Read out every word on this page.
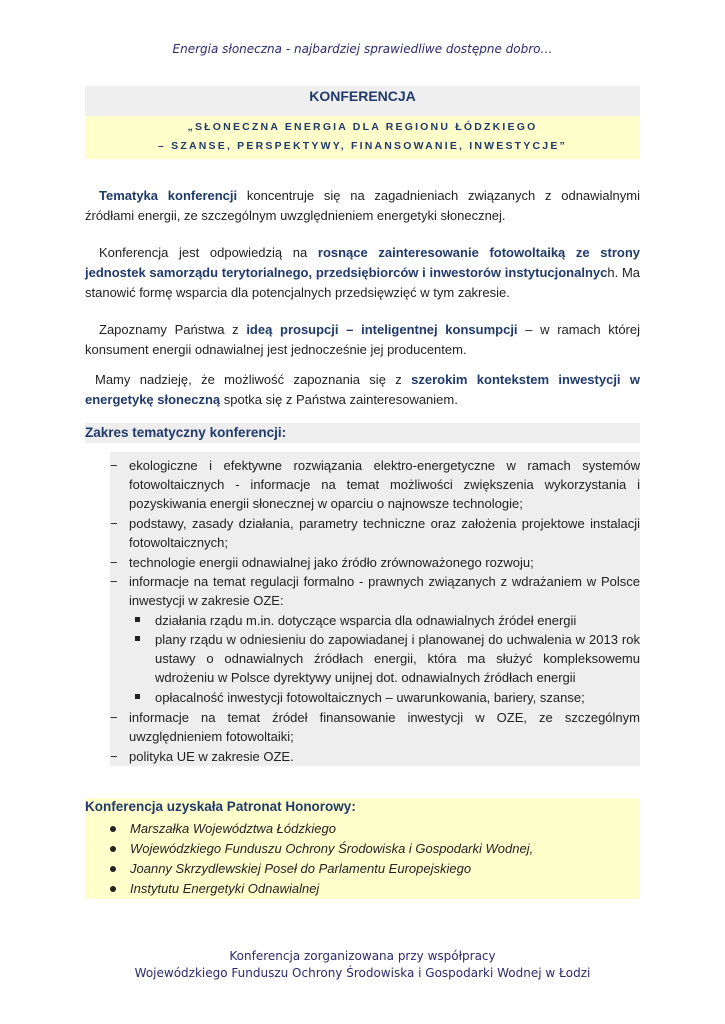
Energia słoneczna - najbardziej sprawiedliwe dostępne dobro…
KONFERENCJA
„SŁONECZNA ENERGIA DLA REGIONU ŁÓDZKIEGO
– SZANSE, PERSPEKTYWY, FINANSOWANIE, INWESTYCJE”
Tematyka konferencji koncentruje się na zagadnieniach związanych z odnawialnymi źródłami energii, ze szczególnym uwzględnieniem energetyki słonecznej.
Konferencja jest odpowiedzią na rosnące zainteresowanie fotowoltaiką ze strony jednostek samorządu terytorialnego, przedsiębiorców i inwestorów instytucjonalnych. Ma stanowić formę wsparcia dla potencjalnych przedsięwzięć w tym zakresie.
Zapoznamy Państwa z ideą prosupcji – inteligentnej konsumpcji – w ramach której konsument energii odnawialnej jest jednocześnie jej producentem.
Mamy nadzieję, że możliwość zapoznania się z szerokim kontekstem inwestycji w energetykę słoneczną spotka się z Państwa zainteresowaniem.
Zakres tematyczny konferencji:
− ekologiczne i efektywne rozwiązania elektro-energetyczne w ramach systemów fotowoltaicznych - informacje na temat możliwości zwiększenia wykorzystania i pozyskiwania energii słonecznej w oparciu o najnowsze technologie;
− podstawy, zasady działania, parametry techniczne oraz założenia projektowe instalacji fotowoltaicznych;
− technologie energii odnawialnej jako źródło zrównoważonego rozwoju;
− informacje na temat regulacji formalno - prawnych związanych z wdrażaniem w Polsce inwestycji w zakresie OZE:
działania rządu m.in. dotyczące wsparcia dla odnawialnych źródeł energii
plany rządu w odniesieniu do zapowiadanej i planowanej do uchwalenia w 2013 rok ustawy o odnawialnych źródłach energii, która ma służyć kompleksowemu wdrożeniu w Polsce dyrektywy unijnej dot. odnawialnych źródłach energii
opłacalność inwestycji fotowoltaicznych – uwarunkowania, bariery, szanse;
− informacje na temat źródeł finansowanie inwestycji w OZE, ze szczególnym uwzględnieniem fotowoltaiki;
− polityka UE w zakresie OZE.
Konferencja uzyskała Patronat Honorowy:
Marszałka Województwa Łódzkiego
Wojewódzkiego Funduszu Ochrony Środowiska i Gospodarki Wodnej,
Joanny Skrzydlewskiej Poseł do Parlamentu Europejskiego
Instytutu Energetyki Odnawialnej
Konferencja zorganizowana przy współpracy
Wojewódzkiego Funduszu Ochrony Środowiska i Gospodarki Wodnej w Łodzi
